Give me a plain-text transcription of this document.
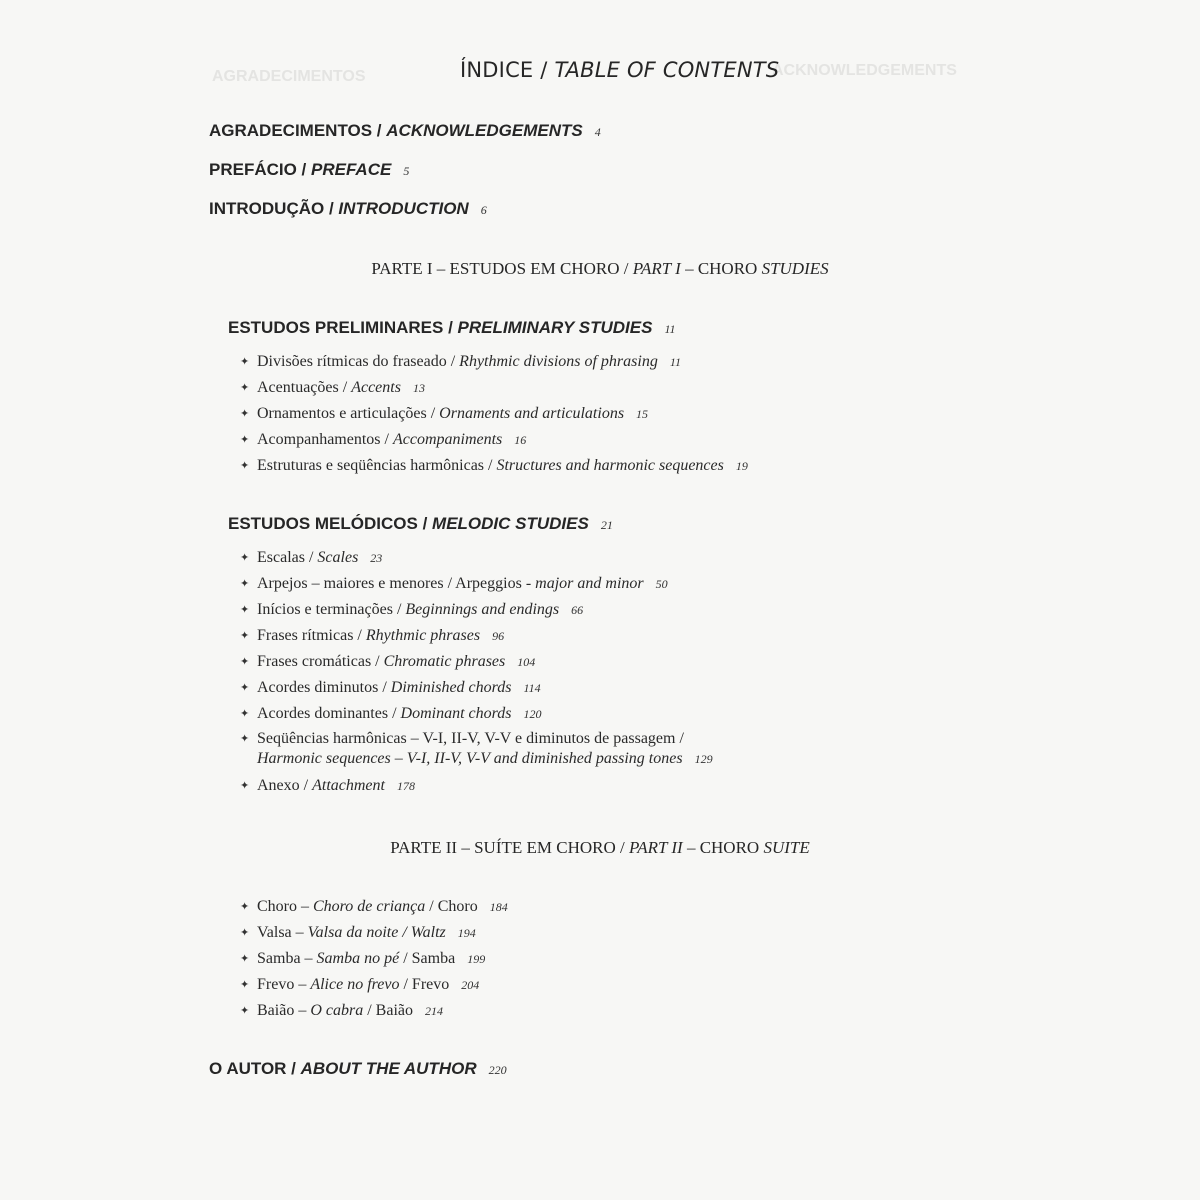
AGRADECIMENTOS	ACKNOWLEDGEMENTS
ÍNDICE / TABLE OF CONTENTS
AGRADECIMENTOS / ACKNOWLEDGEMENTS 4
PREFÁCIO / PREFACE 5
INTRODUÇÃO / INTRODUCTION 6
PARTE I – ESTUDOS EM CHORO / PART I – CHORO STUDIES
ESTUDOS PRELIMINARES / PRELIMINARY STUDIES 11
✦ Divisões rítmicas do fraseado / Rhythmic divisions of phrasing 11
✦ Acentuações / Accents 13
✦ Ornamentos e articulações / Ornaments and articulations 15
✦ Acompanhamentos / Accompaniments 16
✦ Estruturas e seqüências harmônicas / Structures and harmonic sequences 19
ESTUDOS MELÓDICOS / MELODIC STUDIES 21
✦ Escalas / Scales 23
✦ Arpejos – maiores e menores / Arpeggios - major and minor 50
✦ Inícios e terminações / Beginnings and endings 66
✦ Frases rítmicas / Rhythmic phrases 96
✦ Frases cromáticas / Chromatic phrases 104
✦ Acordes diminutos / Diminished chords 114
✦ Acordes dominantes / Dominant chords 120
✦ Seqüências harmônicas – V-I, II-V, V-V e diminutos de passagem /
Harmonic sequences – V-I, II-V, V-V and diminished passing tones 129
✦ Anexo / Attachment 178
PARTE II – SUÍTE EM CHORO / PART II – CHORO SUITE
✦ Choro – Choro de criança / Choro 184
✦ Valsa – Valsa da noite / Waltz 194
✦ Samba – Samba no pé / Samba 199
✦ Frevo – Alice no frevo / Frevo 204
✦ Baião – O cabra / Baião 214
O AUTOR / ABOUT THE AUTHOR 220
